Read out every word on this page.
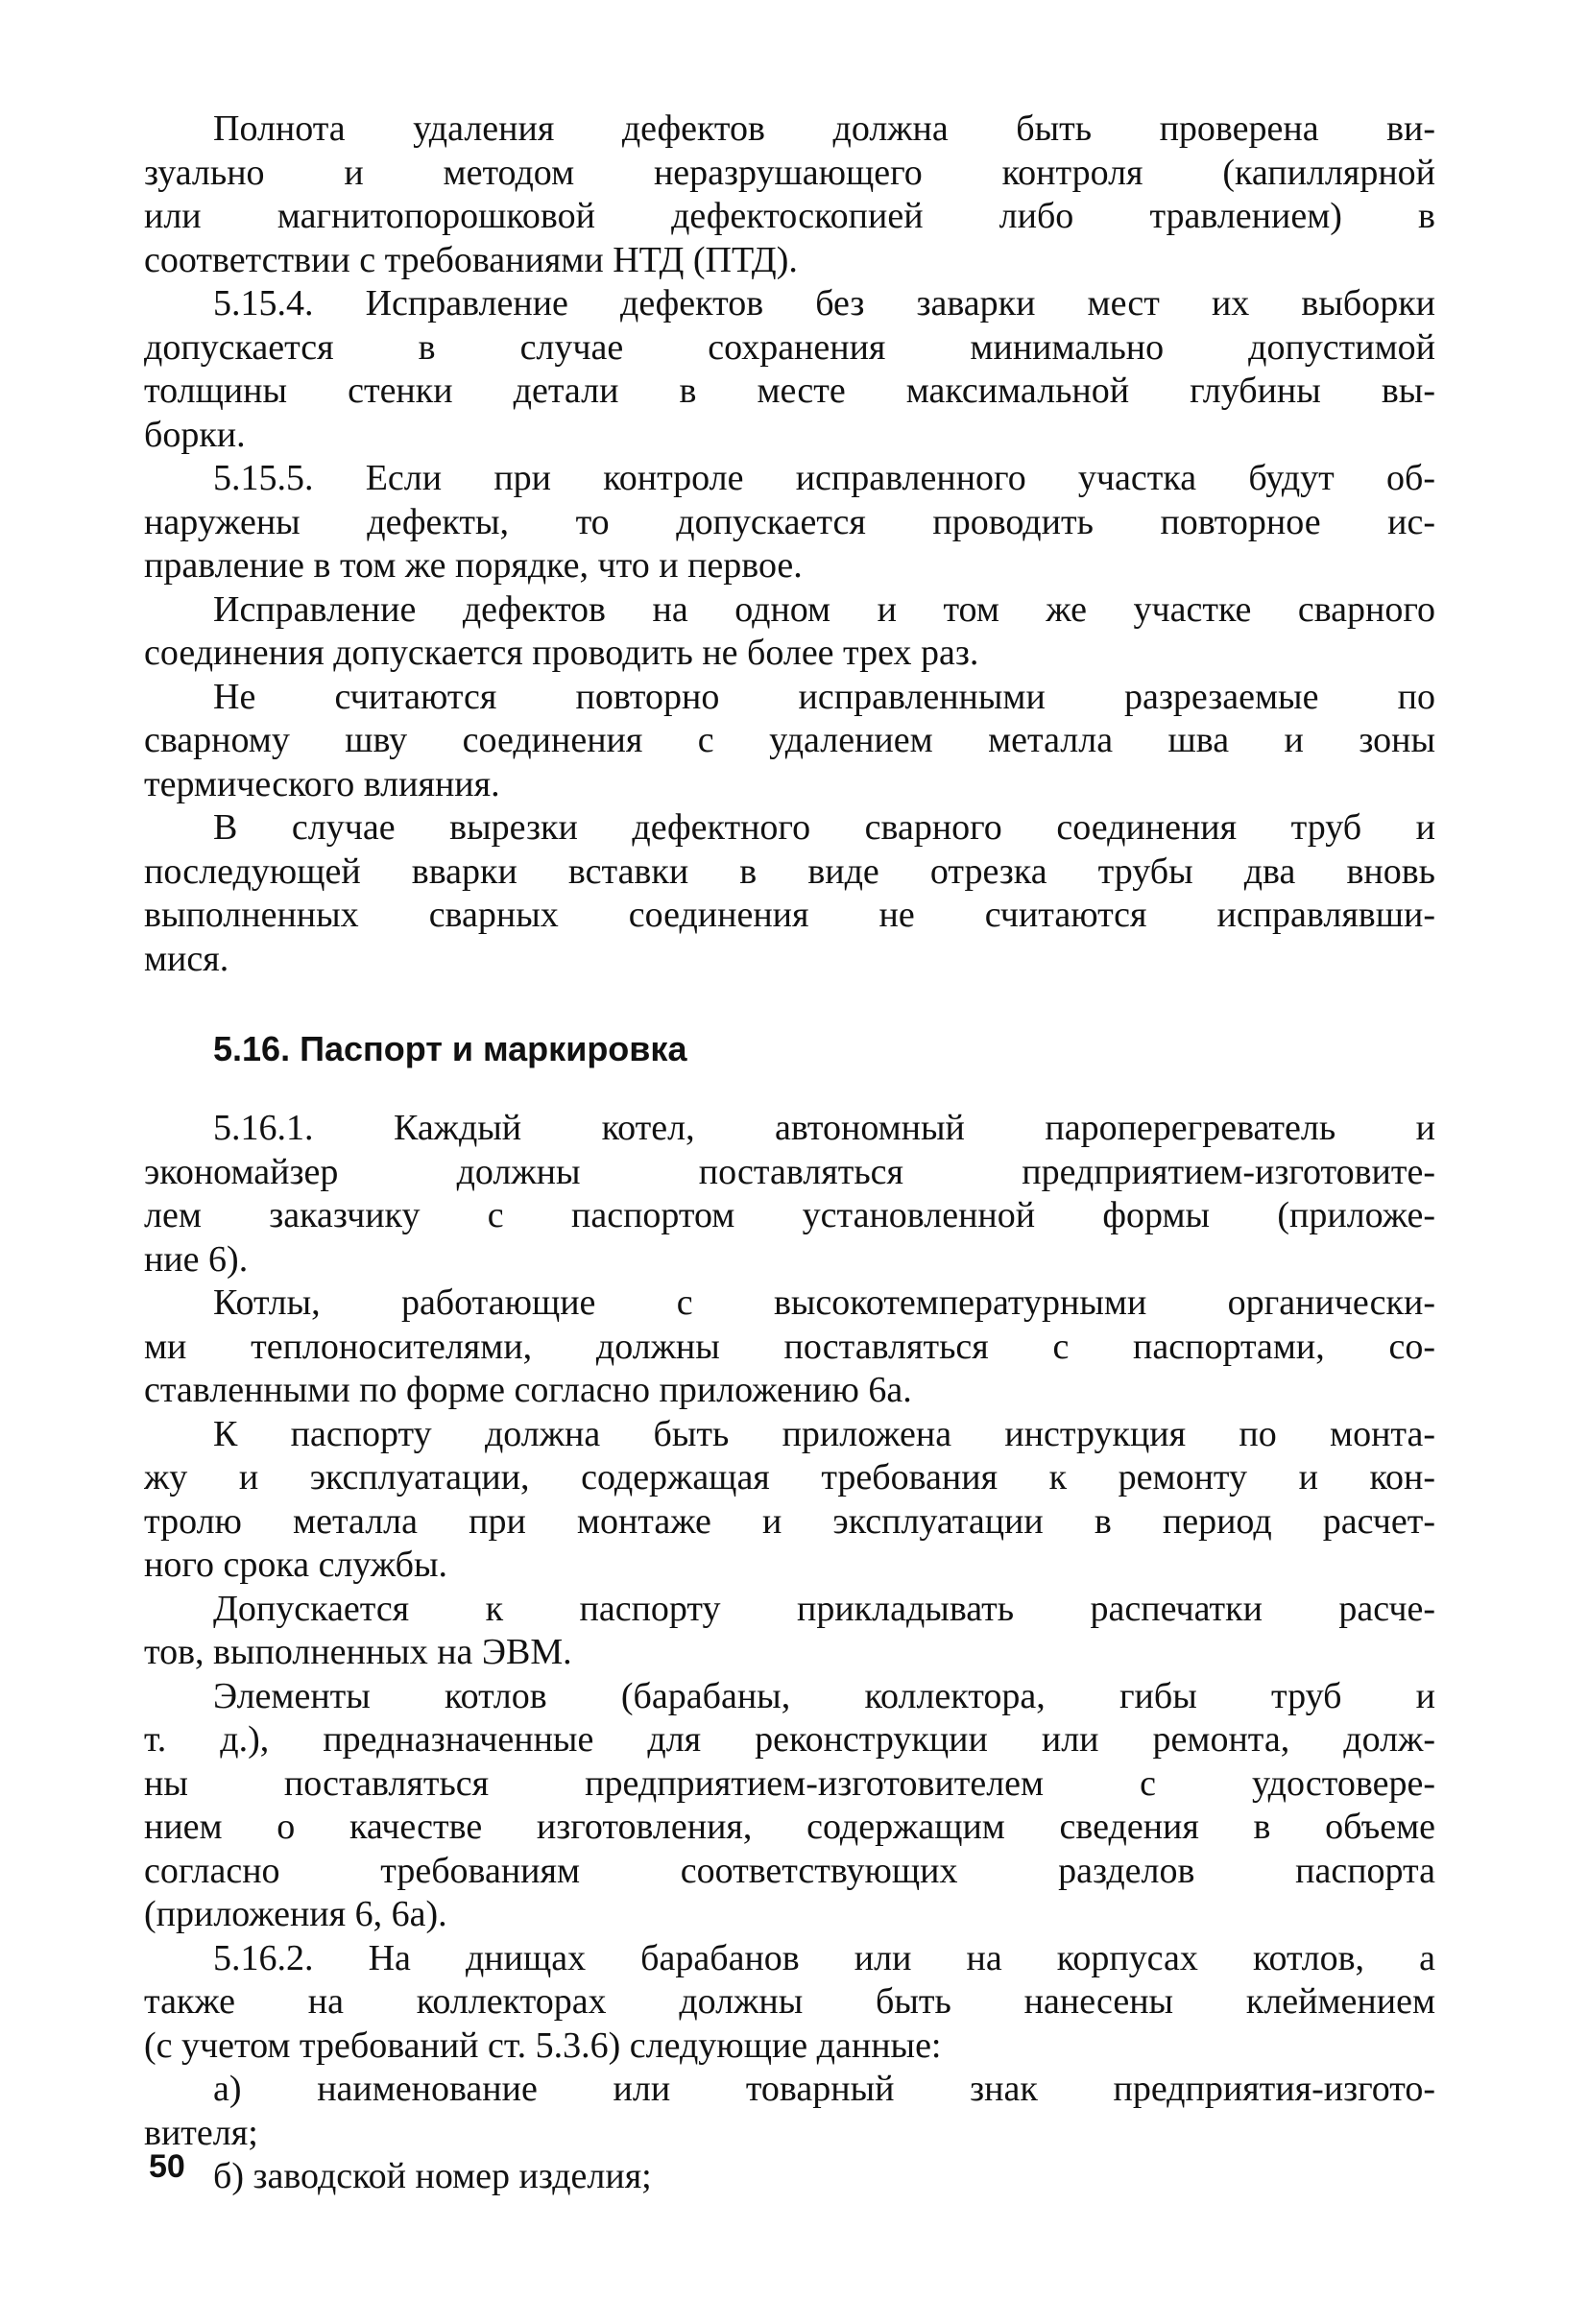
Полнота удаления дефектов должна быть проверена ви-
зуально и методом неразрушающего контроля (капиллярной
или магнитопорошковой дефектоскопией либо травлением) в
соответствии с требованиями НТД (ПТД).
5.15.4. Исправление дефектов без заварки мест их выборки
допускается в случае сохранения минимально допустимой
толщины стенки детали в месте максимальной глубины вы-
борки.
5.15.5. Если при контроле исправленного участка будут об-
наружены дефекты, то допускается проводить повторное ис-
правление в том же порядке, что и первое.
Исправление дефектов на одном и том же участке сварного
соединения допускается проводить не более трех раз.
Не считаются повторно исправленными разрезаемые по
сварному шву соединения с удалением металла шва и зоны
термического влияния.
В случае вырезки дефектного сварного соединения труб и
последующей вварки вставки в виде отрезка трубы два вновь
выполненных сварных соединения не считаются исправлявши-
мися.
5.16. Паспорт и маркировка
5.16.1. Каждый котел, автономный пароперегреватель и
экономайзер должны поставляться предприятием-изготовите-
лем заказчику с паспортом установленной формы (приложе-
ние 6).
Котлы, работающие с высокотемпературными органически-
ми теплоносителями, должны поставляться с паспортами, со-
ставленными по форме согласно приложению 6а.
К паспорту должна быть приложена инструкция по монта-
жу и эксплуатации, содержащая требования к ремонту и кон-
тролю металла при монтаже и эксплуатации в период расчет-
ного срока службы.
Допускается к паспорту прикладывать распечатки расче-
тов, выполненных на ЭВМ.
Элементы котлов (барабаны, коллектора, гибы труб и
т. д.), предназначенные для реконструкции или ремонта, долж-
ны поставляться предприятием-изготовителем с удостовере-
нием о качестве изготовления, содержащим сведения в объеме
согласно требованиям соответствующих разделов паспорта
(приложения 6, 6а).
5.16.2. На днищах барабанов или на корпусах котлов, а
также на коллекторах должны быть нанесены клеймением
(с учетом требований ст. 5.3.6) следующие данные:
а) наименование или товарный знак предприятия-изгото-
вителя;
б) заводской номер изделия;
50
